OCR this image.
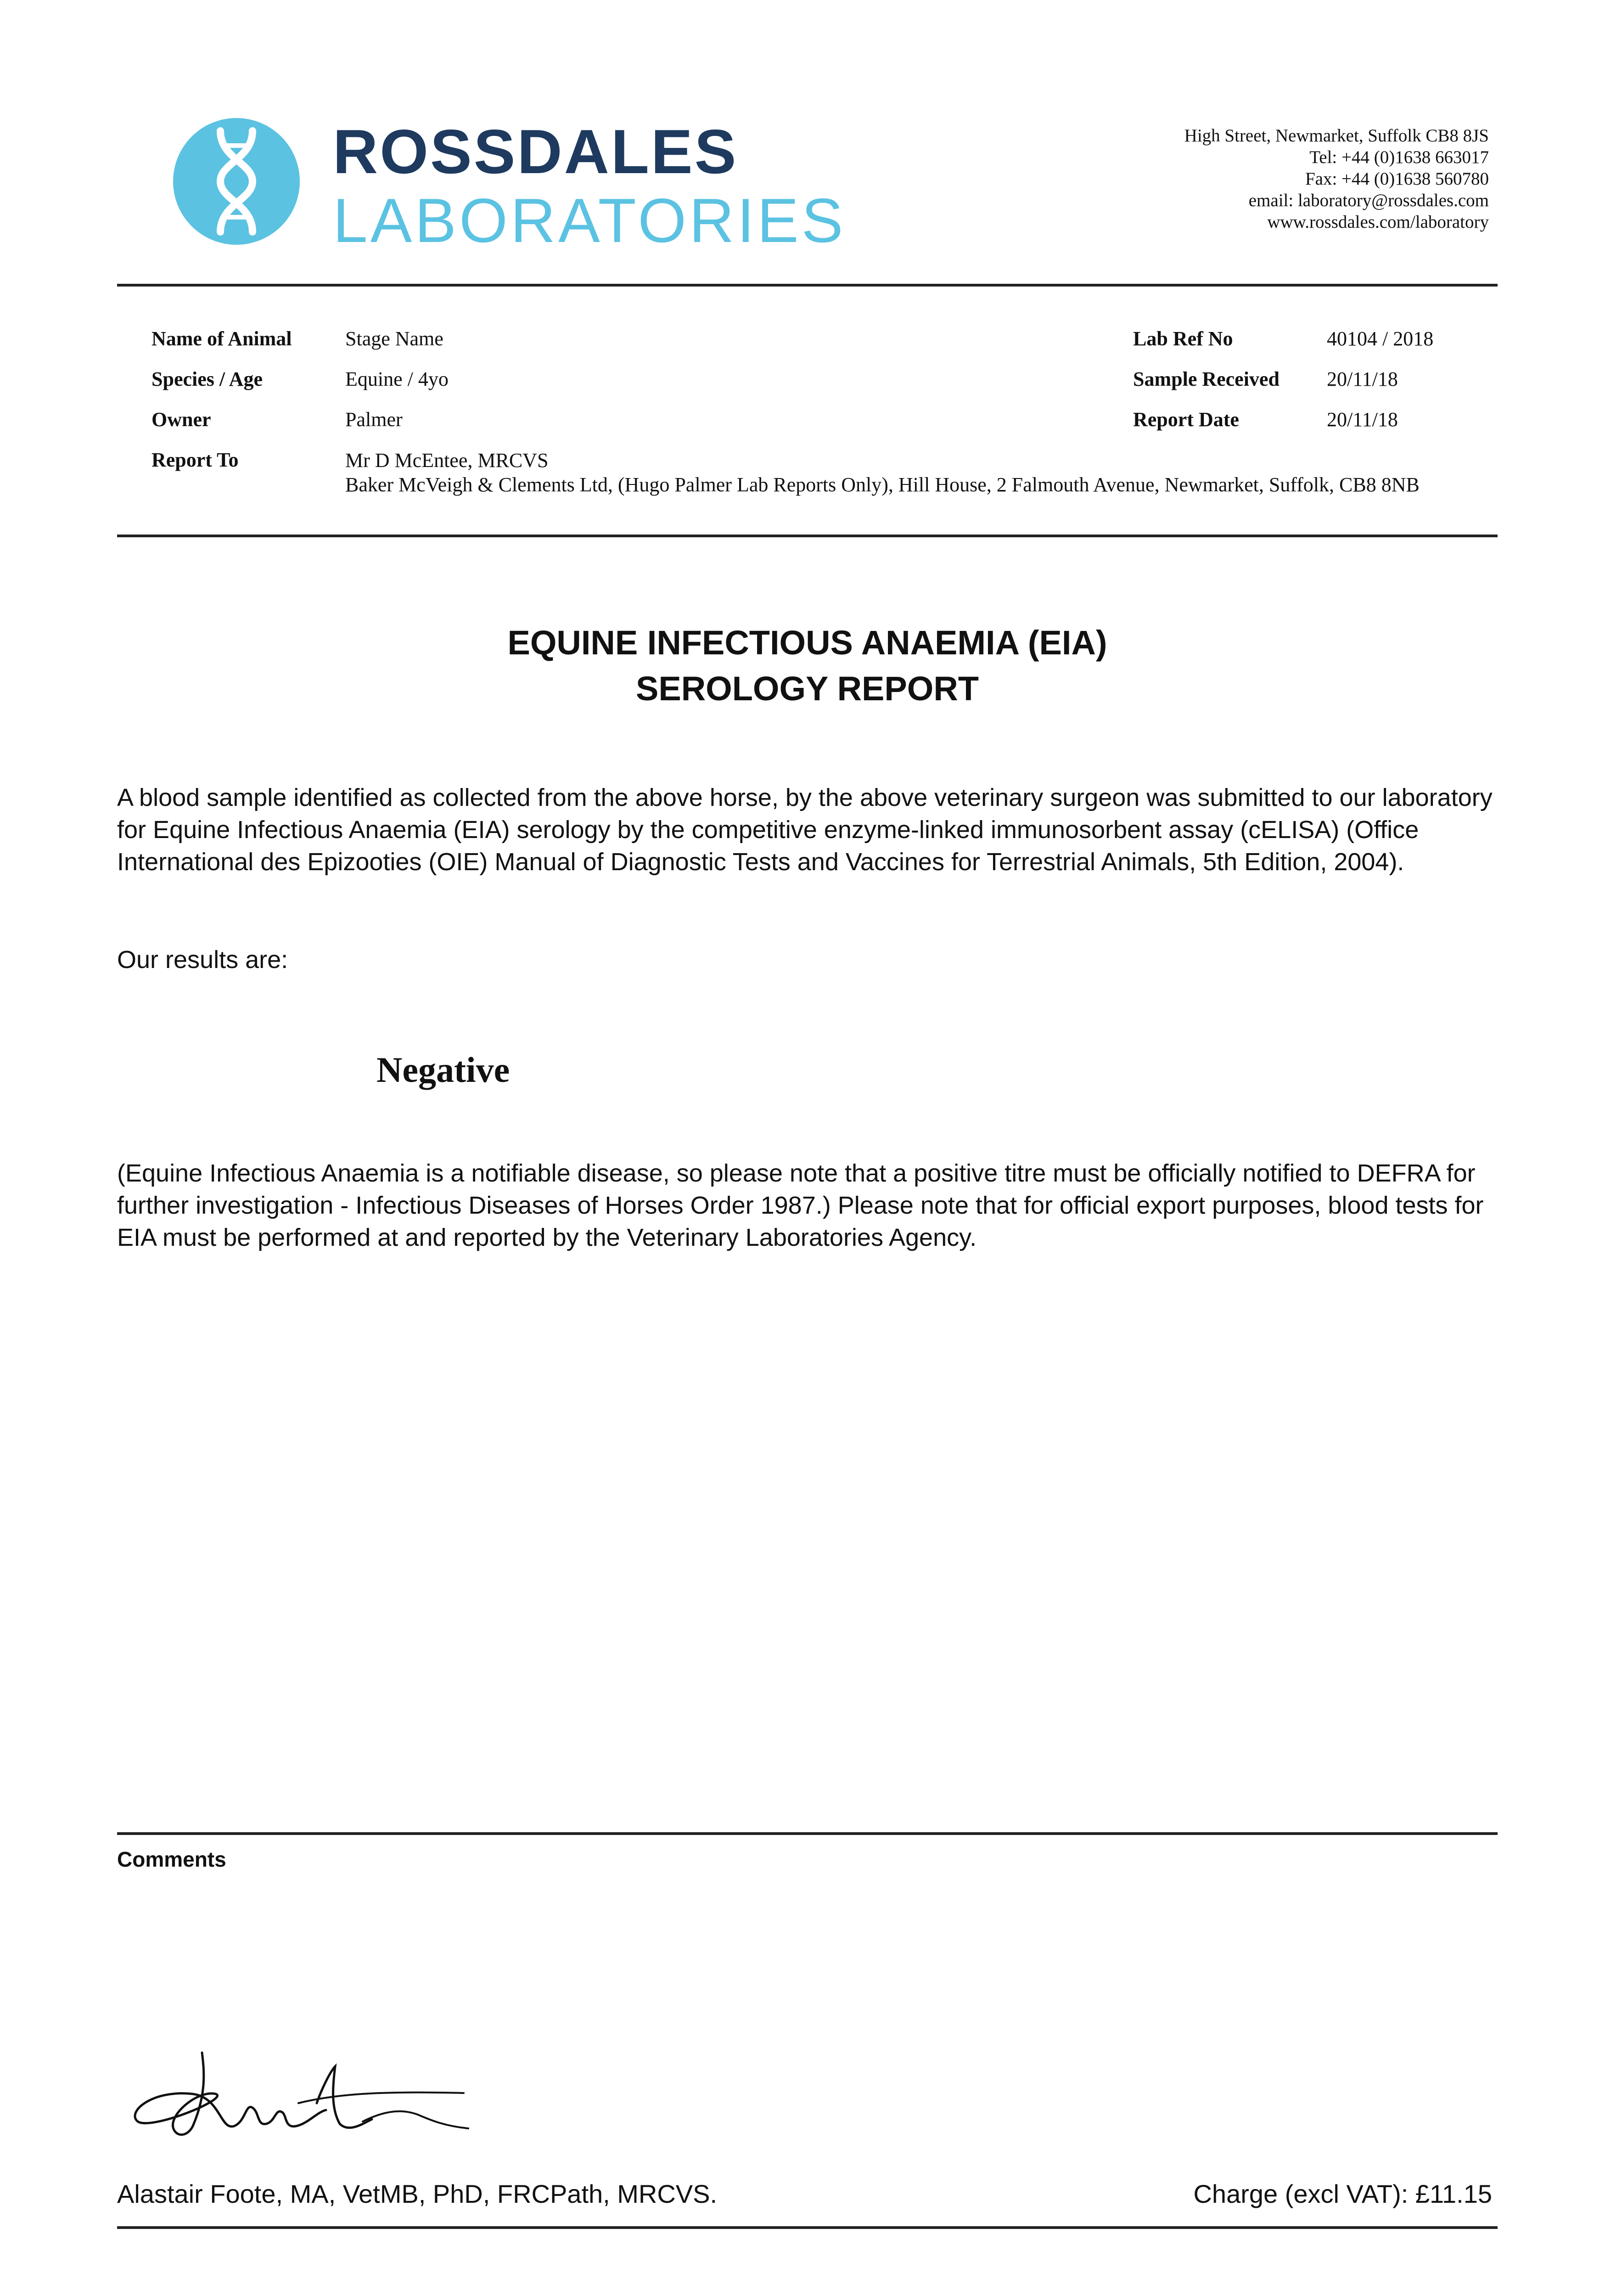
ROSSDALES
LABORATORIES
High Street, Newmarket, Suffolk CB8 8JS
Tel: +44 (0)1638 663017
Fax: +44 (0)1638 560780
email: laboratory@rossdales.com
www.rossdales.com/laboratory
Name of Animal	Stage Name
Species / Age	Equine / 4yo
Owner	Palmer
Report To	Mr D McEntee, MRCVS
Baker McVeigh & Clements Ltd, (Hugo Palmer Lab Reports Only), Hill House, 2 Falmouth Avenue, Newmarket, Suffolk, CB8 8NB
Lab Ref No	40104 / 2018
Sample Received 20/11/18
Report Date	20/11/18
EQUINE INFECTIOUS ANAEMIA (EIA)
SEROLOGY REPORT
A blood sample identified as collected from the above horse, by the above veterinary surgeon was submitted to our laboratory for Equine Infectious Anaemia (EIA) serology by the competitive enzyme-linked immunosorbent assay (cELISA) (Office International des Epizooties (OIE) Manual of Diagnostic Tests and Vaccines for Terrestrial Animals, 5th Edition, 2004).
Our results are:
Negative
(Equine Infectious Anaemia is a notifiable disease, so please note that a positive titre must be officially notified to DEFRA for further investigation - Infectious Diseases of Horses Order 1987.) Please note that for official export purposes, blood tests for EIA must be performed at and reported by the Veterinary Laboratories Agency.
Comments
Alastair Foote, MA, VetMB, PhD, FRCPath, MRCVS.	Charge (excl VAT): £11.15
